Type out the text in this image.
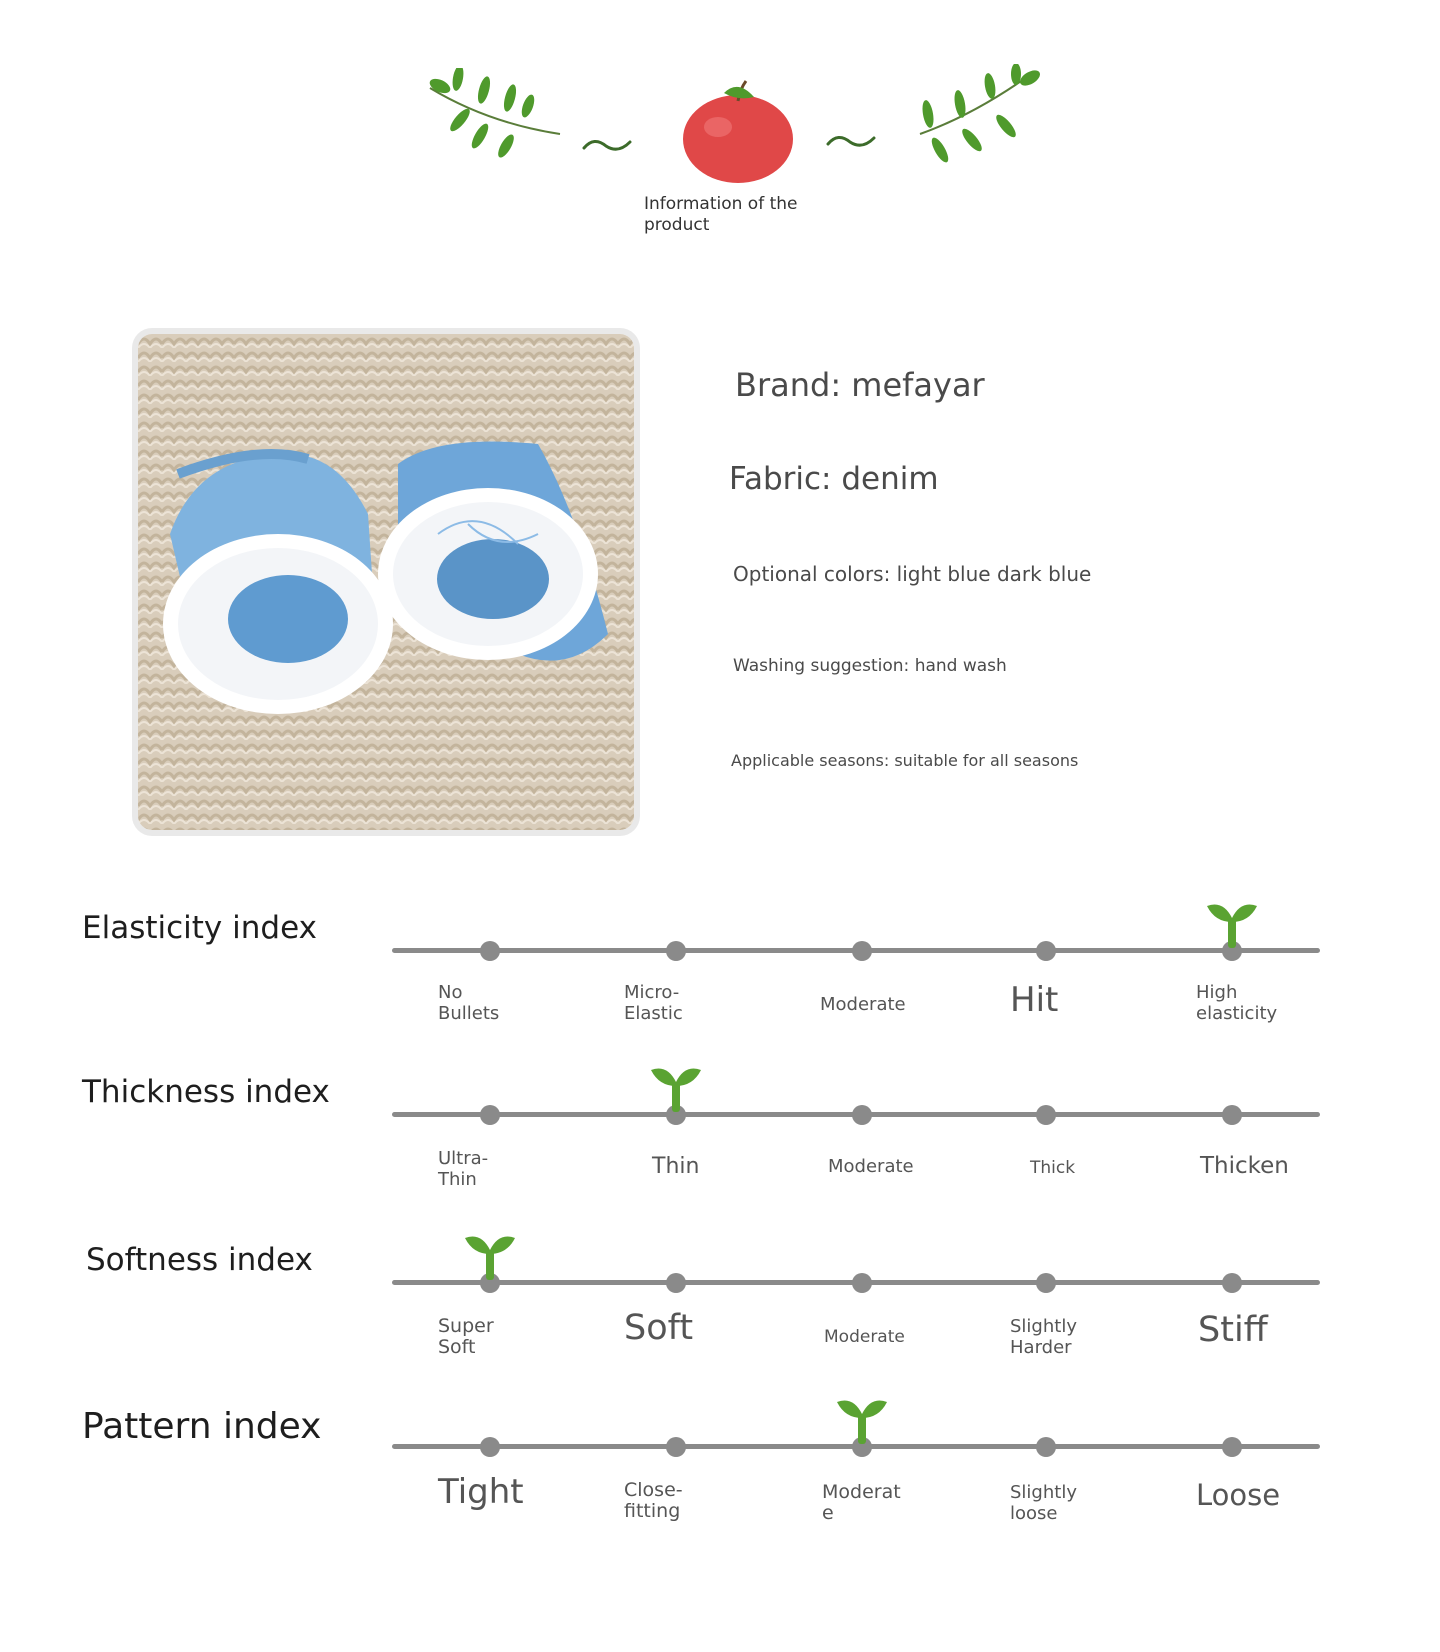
Information of the
product
Brand: mefayar
Fabric: denim
Optional colors: light blue dark blue
Washing suggestion: hand wash
Applicable seasons: suitable for all seasons
Elasticity index
No
Bullets
Micro-
Elastic	Moderate	Hit	High
elasticity
Thickness index
Ultra-
Thin
Thin	Moderate	Thick	Thicken
Softness index
Super
Soft	Soft	Moderate	Slightly
Harder	Stiff
Pattern index
Tight	Close-
fitting
Moderat
e
Slightly
loose
Loose
